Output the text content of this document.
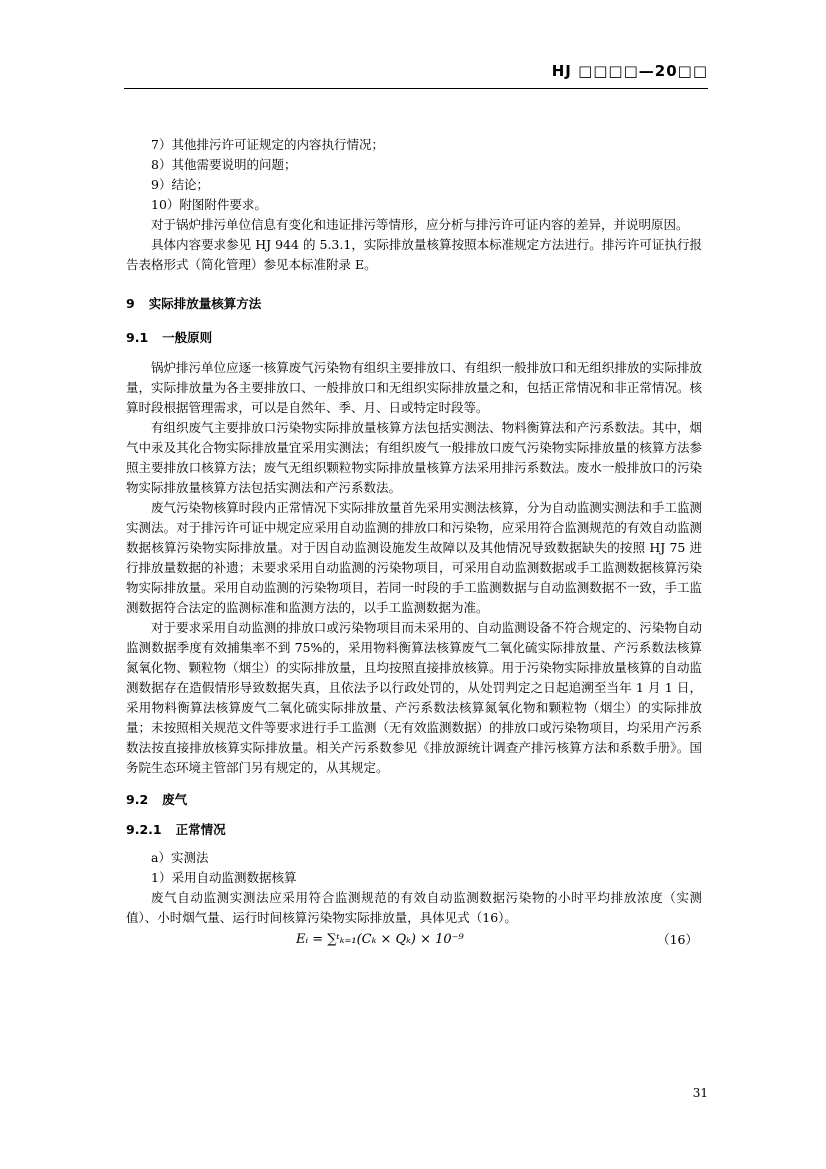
HJ □□□□—20□□

7）其他排污许可证规定的内容执行情况；

8）其他需要说明的问题；

9）结论；

10）附图附件要求。

对于锅炉排污单位信息有变化和违证排污等情形，应分析与排污许可证内容的差异，并说明原因。

具体内容要求参见 HJ 944 的 5.3.1，实际排放量核算按照本标准规定方法进行。排污许可证执行报告表格形式（简化管理）参见本标准附录 E。

9 实际排放量核算方法
9.1 一般原则

锅炉排污单位应逐一核算废气污染物有组织主要排放口、有组织一般排放口和无组织排放的实际排放量，实际排放量为各主要排放口、一般排放口和无组织实际排放量之和，包括正常情况和非正常情况。核算时段根据管理需求，可以是自然年、季、月、日或特定时段等。

有组织废气主要排放口污染物实际排放量核算方法包括实测法、物料衡算法和产污系数法。其中，烟气中汞及其化合物实际排放量宜采用实测法；有组织废气一般排放口废气污染物实际排放量的核算方法参照主要排放口核算方法；废气无组织颗粒物实际排放量核算方法采用排污系数法。废水一般排放口的污染物实际排放量核算方法包括实测法和产污系数法。

废气污染物核算时段内正常情况下实际排放量首先采用实测法核算，分为自动监测实测法和手工监测实测法。对于排污许可证中规定应采用自动监测的排放口和污染物，应采用符合监测规范的有效自动监测数据核算污染物实际排放量。对于因自动监测设施发生故障以及其他情况导致数据缺失的按照 HJ 75 进行排放量数据的补遗；未要求采用自动监测的污染物项目，可采用自动监测数据或手工监测数据核算污染物实际排放量。采用自动监测的污染物项目，若同一时段的手工监测数据与自动监测数据不一致，手工监测数据符合法定的监测标准和监测方法的，以手工监测数据为准。

对于要求采用自动监测的排放口或污染物项目而未采用的、自动监测设备不符合规定的、污染物自动监测数据季度有效捕集率不到 75%的，采用物料衡算法核算废气二氧化硫实际排放量、产污系数法核算氮氧化物、颗粒物（烟尘）的实际排放量，且均按照直接排放核算。用于污染物实际排放量核算的自动监测数据存在造假情形导致数据失真，且依法予以行政处罚的，从处罚判定之日起追溯至当年 1 月 1 日，采用物料衡算法核算废气二氧化硫实际排放量、产污系数法核算氮氧化物和颗粒物（烟尘）的实际排放量；未按照相关规范文件等要求进行手工监测（无有效监测数据）的排放口或污染物项目，均采用产污系数法按直接排放核算实际排放量。相关产污系数参见《排放源统计调查产排污核算方法和系数手册》。国务院生态环境主管部门另有规定的，从其规定。

9.2 废气
9.2.1 正常情况

a）实测法

1）采用自动监测数据核算

废气自动监测实测法应采用符合监测规范的有效自动监测数据污染物的小时平均排放浓度（实测值）、小时烟气量、运行时间核算污染物实际排放量，具体见式（16）。

Eᵢ = ∑ᵗₖ₌₁(Cₖ × Qₖ) × 10⁻⁹	（16）
31
